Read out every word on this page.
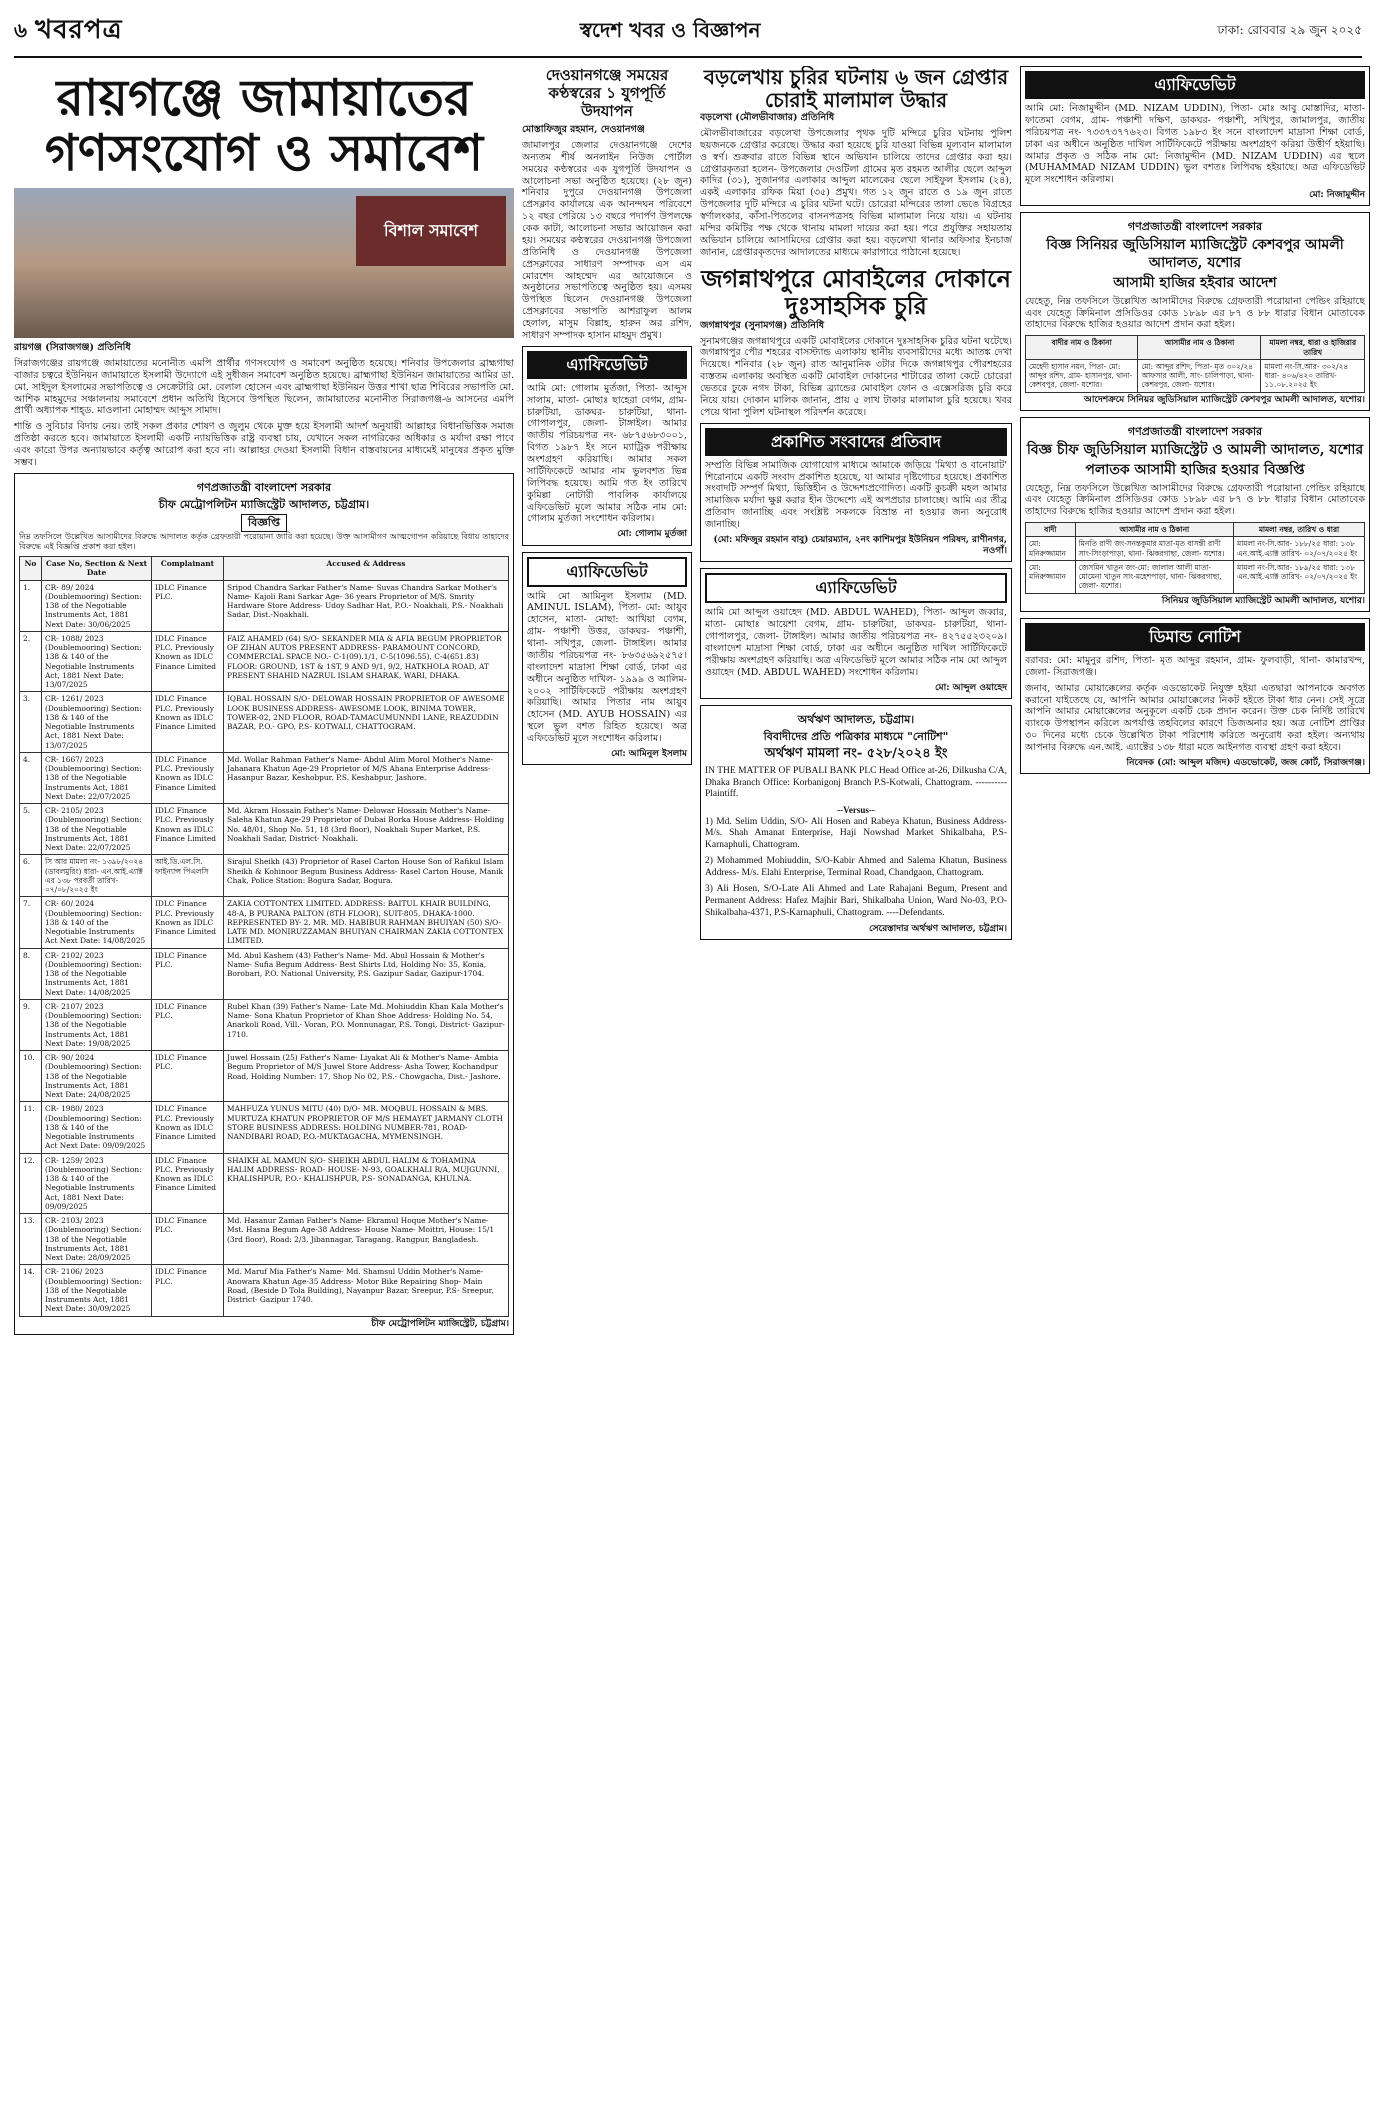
৬ খবরপত্র	স্বদেশ খবর ও বিজ্ঞাপন	ঢাকা: রোববার ২৯ জুন ২০২৫
রায়গঞ্জে জামায়াতের গণসংযোগ ও সমাবেশ
বিশাল সমাবেশ

রায়গঞ্জ (সিরাজগঞ্জ) প্রতিনিধি

সিরাজগঞ্জের রায়গঞ্জে জামায়াতের মনোনীত এমপি প্রার্থীর গণসংযোগ ও সমাবেশ অনুষ্ঠিত হয়েছে। শনিবার উপজেলার ব্রাহ্মগাছা বাজার চত্বরে ইউনিয়ন জামায়াতে ইসলামী উদ্যোগে এই সুধীজন সমাবেশ অনুষ্ঠিত হয়েছে। ব্রাহ্মগাছা ইউনিয়ন জামায়াতের আমির ডা. মো. সাইদুল ইসলামের সভাপতিত্বে ও সেক্রেটারি মো. বেলাল হোসেন এবং ব্রাহ্মগাছা ইউনিয়ন উত্তর শাখা ছাত্র শিবিরের সভাপতি মো. আশিক মাহমুদের সঞ্চালনায় সমাবেশে প্রধান অতিথি হিসেবে উপস্থিত ছিলেন, জামায়াতের মনোনীত সিরাজগঞ্জ-৬ আসনের এমপি প্রার্থী অধ্যাপক শাহ্‌ড. মাওলানা মোহাম্মদ আব্দুস সামাদ।

শান্তি ও সুবিচার বিদায় নেয়। তাই সকল প্রকার শোষণ ও জুলুম থেকে মুক্ত হয়ে ইসলামী আদর্শ অনুযায়ী আল্লাহর বিধানভিত্তিক সমাজ প্রতিষ্ঠা করতে হবে। জামায়াতে ইসলামী একটি ন্যায়ভিত্তিক রাষ্ট্র ব্যবস্থা চায়, যেখানে সকল নাগরিকের অধিকার ও মর্যাদা রক্ষা পাবে এবং কারো উপর অন্যায়ভাবে কর্তৃত্ব আরোপ করা হবে না। আল্লাহর দেওয়া ইসলামী বিধান বাস্তবায়নের মাধ্যমেই মানুষের প্রকৃত মুক্তি সম্ভব।

গণপ্রজাতন্ত্রী বাংলাদেশ সরকার
চীফ মেট্রোপলিটন ম্যাজিস্ট্রেট আদালত, চট্টগ্রাম।
বিজ্ঞপ্তি

নিম্ন তফসিলে উল্লেখিত আসামীদের বিরুদ্ধে আদালত কর্তৃক গ্রেফতারী পরোয়ানা জারি করা হয়েছে। উক্ত আসামীগণ আত্মগোপন করিয়াছে বিধায় তাহাদের বিরুদ্ধে এই বিজ্ঞপ্তি প্রকাশ করা হইল।

No	Case No, Section & Next Date	Complainant	Accused & Address
1.	CR- 89/ 2024 (Doublemooring) Section: 138 of the Negotiable Instruments Act, 1881 Next Date: 30/06/2025	IDLC Finance PLC.	Sripod Chandra Sarkar Father's Name- Suvas Chandra Sarkar Mother's Name- Kajoli Rani Sarkar Age- 36 years Proprietor of M/S. Smrity Hardware Store Address- Udoy Sadhar Hat, P.O.- Noakhali, P.S.- Noakhali Sadar, Dist.-Noakhali.
2.	CR- 1088/ 2023 (Doublemooring) Section: 138 & 140 of the Negotiable Instruments Act, 1881 Next Date: 13/07/2025	IDLC Finance PLC. Previously Known as IDLC Finance Limited	FAIZ AHAMED (64) S/O- SEKANDER MIA & AFIA BEGUM PROPRIETOR OF ZIHAN AUTOS PRESENT ADDRESS- PARAMOUNT CONCORD, COMMERCIAL SPACE NO.- C-1(09).1/1, C-5(1096.55), C-4(651.83) FLOOR: GROUND, 1ST & 1ST, 9 AND 9/1, 9/2, HATKHOLA ROAD, AT PRESENT SHAHID NAZRUL ISLAM SHARAK, WARI, DHAKA.
3.	CR- 1261/ 2023 (Doublemooring) Section: 138 & 140 of the Negotiable Instruments Act, 1881 Next Date: 13/07/2025	IDLC Finance PLC. Previously Known as IDLC Finance Limited	IQBAL HOSSAIN S/O- DELOWAR HOSSAIN PROPRIETOR OF AWESOME LOOK BUSINESS ADDRESS- AWESOME LOOK, BINIMA TOWER, TOWER-02, 2ND FLOOR, ROAD-TAMACUMUNNDI LANE, REAZUDDIN BAZAR, P.O.- GPO, P.S- KOTWALI, CHATTOGRAM.
4.	CR- 1667/ 2023 (Doublemooring) Section: 138 of the Negotiable Instruments Act, 1881 Next Date: 22/07/2025	IDLC Finance PLC. Previously Known as IDLC Finance Limited	Md. Wollar Rahman Father's Name- Abdul Alim Morol Mother's Name- Jahanara Khatun Age-29 Proprietor of M/S Ahana Enterprise Address- Hasanpur Bazar, Keshobpur, P.S. Keshabpur, Jashore.
5.	CR- 2105/ 2023 (Doublemooring) Section: 138 of the Negotiable Instruments Act, 1881 Next Date: 22/07/2025	IDLC Finance PLC. Previously Known as IDLC Finance Limited	Md. Akram Hossain Father's Name- Delowar Hossain Mother's Name- Saleha Khatun Age-29 Proprietor of Dubai Borka House Address- Holding No. 48/01, Shop No. 51, 18 (3rd floor), Noakhali Super Market, P.S. Noakhali Sadar, District- Noakhali.
6.	সি আর মামলা নং- ১৩৯৮/২০২৪ (ডাবলমুরিং) ধারা- এন.আই.এ্যাক্ট এর ১৩৮ পরবর্তী তারিখ- ০৭/০৮/২০২৫ ইং	আই.ডি.এল.সি. ফাইন্যান্স পিএলসি	Sirajul Sheikh (43) Proprietor of Rasel Carton House Son of Rafikul Islam Sheikh & Kohinoor Begum Business Address- Rasel Carton House, Manik Chak, Police Station: Bogura Sadar, Bogura.
7.	CR- 60/ 2024 (Doublemooring) Section: 138 & 140 of the Negotiable Instruments Act Next Date: 14/08/2025	IDLC Finance PLC. Previously Known as IDLC Finance Limited	ZAKIA COTTONTEX LIMITED. ADDRESS: BAITUL KHAIR BUILDING, 48-A, B PURANA PALTON (8TH FLOOR), SUIT-805, DHAKA-1000. REPRESENTED BY- 2. MR. MD. HABIBUR RAHMAN BHUIYAN (50) S/O-LATE MD. MONIRUZZAMAN BHUIYAN CHAIRMAN ZAKIA COTTONTEX LIMITED.
8.	CR- 2102/ 2023 (Doublemooring) Section: 138 of the Negotiable Instruments Act, 1881 Next Date: 14/08/2025	IDLC Finance PLC.	Md. Abul Kashem (43) Father's Name- Md. Abul Hossain & Mother's Name- Sufia Begum Address- Best Shirts Ltd, Holding No: 35, Konia, Borobari, P.O. National University, P.S. Gazipur Sadar, Gazipur-1704.
9.	CR- 2107/ 2023 (Doublemooring) Section: 138 of the Negotiable Instruments Act, 1881 Next Date: 19/08/2025	IDLC Finance PLC.	Rubel Khan (39) Father's Name- Late Md. Mohiuddin Khan Kala Mother's Name- Sona Khatun Proprietor of Khan Shoe Address- Holding No. 54, Anarkoli Road, Vill.- Voran, P.O. Monnunagar, P.S. Tongi, District- Gazipur-1710.
10.	CR- 90/ 2024 (Doublemooring) Section: 138 of the Negotiable Instruments Act, 1881 Next Date: 24/08/2025	IDLC Finance PLC.	Juwel Hossain (25) Father's Name- Liyakat Ali & Mother's Name- Ambia Begum Proprietor of M/S Juwel Store Address- Asha Tower, Kochandpur Road, Holding Number: 17, Shop No 02, P.S.- Chowgacha, Dist.- Jashore.
11.	CR- 1980/ 2023 (Doublemooring) Section: 138 & 140 of the Negotiable Instruments Act Next Date: 09/09/2025	IDLC Finance PLC. Previously Known as IDLC Finance Limited	MAHFUZA YUNUS MITU (40) D/O- MR. MOQBUL HOSSAIN & MRS. MURTUZA KHATUN PROPRIETOR OF M/S HEMAYET JARMANY CLOTH STORE BUSINESS ADDRESS: HOLDING NUMBER-781, ROAD-NANDIBARI ROAD, P.O.-MUKTAGACHA, MYMENSINGH.
12.	CR- 1259/ 2023 (Doublemooring) Section: 138 & 140 of the Negotiable Instruments Act, 1881 Next Date: 09/09/2025	IDLC Finance PLC. Previously Known as IDLC Finance Limited	SHAIKH AL MAMUN S/O- SHEIKH ABDUL HALIM & TOHAMINA HALIM ADDRESS- ROAD- HOUSE- N-93, GOALKHALI R/A, MUJGUNNI, KHALISHPUR, P.O.- KHALISHPUR, P.S- SONADANGA, KHULNA.
13.	CR- 2103/ 2023 (Doublemooring) Section: 138 of the Negotiable Instruments Act, 1881 Next Date: 28/09/2025	IDLC Finance PLC.	Md. Hasanur Zaman Father's Name- Ekramul Hoque Mother's Name- Mst. Hasna Begum Age-38 Address- House Name- Moittri, House: 15/1 (3rd floor), Road: 2/3, Jibannagar, Taragang, Rangpur, Bangladesh.
14.	CR- 2106/ 2023 (Doublemooring) Section: 138 of the Negotiable Instruments Act, 1881 Next Date: 30/09/2025	IDLC Finance PLC.	Md. Maruf Mia Father's Name- Md. Shamsul Uddin Mother's Name- Anowara Khatun Age-35 Address- Motor Bike Repairing Shop- Main Road, (Beside D Tola Building), Nayanpur Bazar, Sreepur, P.S- Sreepur, District- Gazipur 1740.
চীফ মেট্রোপলিটন ম্যাজিস্ট্রেট, চট্টগ্রাম।
দেওয়ানগঞ্জে সময়ের কণ্ঠস্বরের ১ যুগপূর্তি উদযাপন

মোস্তাফিজুর রহমান, দেওয়ানগঞ্জ

জামালপুর জেলার দেওয়ানগঞ্জে দেশের অন্যতম শীর্ষ অনলাইন নিউজ পোর্টাল সময়ের কণ্ঠস্বরের এক যুগপূর্তি উদযাপন ও আলোচনা সভা অনুষ্ঠিত হয়েছে। (২৮ জুন) শনিবার দুপুরে দেওয়ানগঞ্জ উপজেলা প্রেসক্লাব কার্যালয়ে এক আনন্দঘন পরিবেশে ১২ বছর পেরিয়ে ১৩ বছরে পদার্পণ উপলক্ষে কেক কাটা, আলোচনা সভার আয়োজন করা হয়। সময়ের কণ্ঠস্বরের দেওয়ানগঞ্জ উপজেলা প্রতিনিধি ও দেওয়ানগঞ্জ উপজেলা প্রেসক্লাবের সাধারণ সম্পাদক এস এম মোরশেদ আহম্মেদ এর আয়োজনে ও অনুষ্ঠানের সভাপতিত্বে অনুষ্ঠিত হয়। এসময় উপস্থিত ছিলেন দেওয়ানগঞ্জ উপজেলা প্রেসক্লাবের সভাপতি আশরাফুল আলম হেলাল, মাসুম বিল্লাহ, হারুন অর রশিদ, সাধারণ সম্পাদক হাসান মাহমুদ প্রমুখ।

এ্যাফিডেভিট

আমি মো: গোলাম মুর্তজা, পিতা- আব্দুস সালাম, মাতা- মোছাঃ ছাহেরা বেগম, গ্রাম- চারুটিয়া, ডাকঘর- চারুটিয়া, থানা- গোপালপুর, জেলা- টাঙ্গাইল। আমার জাতীয় পরিচয়পত্র নং- ৬৮৭৫৬৮৩০০১, বিগত ১৯৮৭ ইং সনে ম্যাট্রিক পরীক্ষায় অংশগ্রহণ করিয়াছি। আমার সকল সার্টিফিকেটে আমার নাম ভুলবশত ভিন্ন লিপিবদ্ধ হয়েছে। আমি গত ইং তারিখে কুমিল্লা নোটারী পাবলিক কার্যালয়ে এফিডেভিট মূলে আমার সঠিক নাম মো: গোলাম মুর্তজা সংশোধন করিলাম।

মো: গোলাম মুর্তজা
এ্যাফিডেভিট

আমি মো আমিনুল ইসলাম (MD. AMINUL ISLAM), পিতা- মো: আয়ুব হোসেন, মাতা- মোছা: আখিয়া বেগম, গ্রাম- পঞ্চাশী উত্তর, ডাকঘর- পঞ্চাশী, থানা- সখিপুর, জেলা- টাঙ্গাইল। আমার জাতীয় পরিচয়পত্র নং- ৮৬৩৫৬৯২৫৭৫। বাংলাদেশ মাদ্রাসা শিক্ষা বোর্ড, ঢাকা এর অধীনে অনুষ্ঠিত দাখিল- ১৯৯৯ ও আলিম- ২০০২ সার্টিফিকেটে পরীক্ষায় অংশগ্রহণ করিয়াছি। আমার পিতার নাম আয়ুব হোসেন (MD. AYUB HOSSAIN) এর স্থলে ভুল বশত রিহিত হয়েছে। অত্র এফিডেভিট মূলে সংশোধন করিলাম।

মো: আমিনুল ইসলাম
বড়লেখায় চুরির ঘটনায় ৬ জন গ্রেপ্তার চোরাই মালামাল উদ্ধার

বড়লেখা (মৌলভীবাজার) প্রতিনিধি

মৌলভীবাজারের বড়লেখা উপজেলার পৃথক দুটি মন্দিরে চুরির ঘটনায় পুলিশ ছয়জনকে গ্রেপ্তার করেছে। উদ্ধার করা হয়েছে চুরি যাওয়া বিভিন্ন মূল্যবান মালামাল ও স্বর্ণ। শুক্রবার রাতে বিভিন্ন স্থানে অভিযান চালিয়ে তাদের গ্রেপ্তার করা হয়। গ্রেপ্তারকৃতরা হলেন- উপজেলার দেওটিলা গ্রামের মৃত রহমত আলীর ছেলে আব্দুল কাদির (৩১), সুজানগর এলাকার আব্দুল মালেকের ছেলে সাইফুল ইসলাম (২৪), একই এলাকার রফিক মিয়া (৩৫) প্রমুখ। গত ১২ জুন রাতে ও ১৯ জুন রাতে উপজেলার দুটি মন্দিরে এ চুরির ঘটনা ঘটে। চোরেরা মন্দিরের তালা ভেঙে বিগ্রহের স্বর্ণালংকার, কাঁসা-পিতলের বাসনপত্রসহ বিভিন্ন মালামাল নিয়ে যায়। এ ঘটনায় মন্দির কমিটির পক্ষ থেকে থানায় মামলা দায়ের করা হয়। পরে প্রযুক্তির সহায়তায় অভিযান চালিয়ে আসামিদের গ্রেপ্তার করা হয়। বড়লেখা থানার অফিসার ইনচার্জ জানান, গ্রেপ্তারকৃতদের আদালতের মাধ্যমে কারাগারে পাঠানো হয়েছে।

জগন্নাথপুরে মোবাইলের দোকানে দুঃসাহসিক চুরি

জগন্নাথপুর (সুনামগঞ্জ) প্রতিনিধি

সুনামগঞ্জের জগন্নাথপুরে একটি মোবাইলের দোকানে দুঃসাহসিক চুরির ঘটনা ঘটেছে। জগন্নাথপুর পৌর শহরের বাসস্ট্যান্ড এলাকায় স্থানীয় ব্যবসায়ীদের মধ্যে আতঙ্ক দেখা দিয়েছে। শনিবার (২৮ জুন) রাত আনুমানিক ৩টার দিকে জগন্নাথপুর পৌরশহরের ব্যস্ততম এলাকায় অবস্থিত একটি মোবাইল দোকানের শাটারের তালা কেটে চোরেরা ভেতরে ঢুকে নগদ টাকা, বিভিন্ন ব্র্যান্ডের মোবাইল ফোন ও এক্সেসরিজ চুরি করে নিয়ে যায়। দোকান মালিক জানান, প্রায় ৫ লাখ টাকার মালামাল চুরি হয়েছে। খবর পেয়ে থানা পুলিশ ঘটনাস্থল পরিদর্শন করেছে।

প্রকাশিত সংবাদের প্রতিবাদ

সম্প্রতি বিভিন্ন সামাজিক যোগাযোগ মাধ্যমে আমাকে জড়িয়ে 'মিথ্যা ও বানোয়াট' শিরোনামে একটি সংবাদ প্রকাশিত হয়েছে, যা আমার দৃষ্টিগোচর হয়েছে। প্রকাশিত সংবাদটি সম্পূর্ণ মিথ্যা, ভিত্তিহীন ও উদ্দেশ্যপ্রণোদিত। একটি কুচক্রী মহল আমার সামাজিক মর্যাদা ক্ষুণ্ণ করার হীন উদ্দেশ্যে এই অপপ্রচার চালাচ্ছে। আমি এর তীব্র প্রতিবাদ জানাচ্ছি এবং সংশ্লিষ্ট সকলকে বিভ্রান্ত না হওয়ার জন্য অনুরোধ জানাচ্ছি।

(মো: মফিজুর রহমান বাবু) চেয়ারম্যান, ২নং কাশিমপুর ইউনিয়ন পরিষদ, রাণীনগর, নওগাঁ।
এ্যাফিডেভিট

আমি মো আব্দুল ওয়াহেদ (MD. ABDUL WAHED), পিতা- আব্দুল জব্বার, মাতা- মোছাঃ আয়েশা বেগম, গ্রাম- চারুটিয়া, ডাকঘর- চারুটিয়া, থানা- গোপালপুর, জেলা- টাঙ্গাইল। আমার জাতীয় পরিচয়পত্র নং- ৪২৭৫৫২৩২০৯। বাংলাদেশ মাদ্রাসা শিক্ষা বোর্ড, ঢাকা এর অধীনে অনুষ্ঠিত দাখিল সার্টিফিকেটে পরীক্ষায় অংশগ্রহণ করিয়াছি। অত্র এফিডেভিট মূলে আমার সঠিক নাম মো আব্দুল ওয়াহেদ (MD. ABDUL WAHED) সংশোধন করিলাম।

মো: আব্দুল ওয়াহেদ
অর্থঋণ আদালত, চট্টগ্রাম।
বিবাদীদের প্রতি পত্রিকার মাধ্যমে "নোটিশ"
অর্থঋণ মামলা নং- ৫২৮/২০২৪ ইং

IN THE MATTER OF PUBALI BANK PLC Head Office at-26, Dilkusha C/A, Dhaka Branch Office: Korbanigonj Branch P.S-Kotwali, Chattogram. ----------Plaintiff.

--Versus--

1) Md. Selim Uddin, S/O- Ali Hosen and Rabeya Khatun, Business Address- M/s. Shah Amanat Enterprise, Haji Nowshad Market Shikalbaha, P.S-Karnaphuli, Chattogram.

2) Mohammed Mohiuddin, S/O-Kabir Ahmed and Salema Khatun, Business Address- M/s. Elahi Enterprise, Terminal Road, Chandgaon, Chattogram.

3) Ali Hosen, S/O-Late Ali Ahmed and Late Rahajani Begum, Present and Permanent Address: Hafez Majhir Bari, Shikalbaha Union, Ward No-03, P.O- Shikalbaha-4371, P.S-Karnaphuli, Chattogram. ----Defendants.

সেরেস্তাদার অর্থঋণ আদালত, চট্টগ্রাম।
এ্যাফিডেভিট

আমি মো: নিজামুদ্দীন (MD. NIZAM UDDIN), পিতা- মোঃ আবু মোস্তাদির, মাতা- ফাতেমা বেগম, গ্রাম- পঞ্চাশী দক্ষিণ, ডাকঘর- পঞ্চাশী, সখিপুর, জামালপুর, জাতীয় পরিচয়পত্র নং- ৭৩৩৭৩৭৭৬২৩। বিগত ১৯৮৩ ইং সনে বাংলাদেশ মাদ্রাসা শিক্ষা বোর্ড, ঢাকা এর অধীনে অনুষ্ঠিত দাখিল সার্টিফিকেটে পরীক্ষায় অংশগ্রহণ করিয়া উত্তীর্ণ হইয়াছি। আমার প্রকৃত ও সঠিক নাম মো: নিজামুদ্দীন (MD. NIZAM UDDIN) এর স্থলে (MUHAMMAD NIZAM UDDIN) ভুল বশতঃ লিপিবদ্ধ হইয়াছে। অত্র এফিডেভিট মূলে সংশোধন করিলাম।

মো: নিজামুদ্দীন
গণপ্রজাতন্ত্রী বাংলাদেশ সরকার
বিজ্ঞ সিনিয়র জুডিসিয়াল ম্যাজিস্ট্রেট কেশবপুর আমলী আদালত, যশোর
আসামী হাজির হইবার আদেশ

যেহেতু, নিম্ন তফসিলে উল্লেখিত আসামীদের বিরুদ্ধে গ্রেফতারী পরোয়ানা পেন্ডিং রহিয়াছে এবং যেহেতু ক্রিমিনাল প্রসিডিওর কোড ১৮৯৮ এর ৮৭ ও ৮৮ ধারার বিধান মোতাবেক তাহাদের বিরুদ্ধে হাজির হওয়ার আদেশ প্রদান করা হইল।

বাদীর নাম ও ঠিকানা	আসামীর নাম ও ঠিকানা	মামলা নম্বর, ধারা ও হাজিরার তারিখ
মেহেদী হাসান নয়ন, পিতা- মো: আব্দুর রশিদ, গ্রাম- হাসানপুর, থানা- কেশবপুর, জেলা- যশোর।	মো: আব্দুর রশিদ, পিতা- মৃত ৩০২/২৪ আফসার আলী, সাং- চালিপাড়া, থানা- কেশবপুর, জেলা- যশোর।	মামলা নং-সি.আর- ৩০২/২৪ ধারা- ৪০৬/৪২০ তারিখ- ১১.০৮.২০২৫ ইং
আদেশক্রমে সিনিয়র জুডিসিয়াল ম্যাজিস্ট্রেট কেশবপুর আমলী আদালত, যশোর।
গণপ্রজাতন্ত্রী বাংলাদেশ সরকার
বিজ্ঞ চীফ জুডিসিয়াল ম্যাজিস্ট্রেট ও আমলী আদালত, যশোর
পলাতক আসামী হাজির হওয়ার বিজ্ঞপ্তি

যেহেতু, নিম্ন তফসিলে উল্লেখিত আসামীদের বিরুদ্ধে গ্রেফতারী পরোয়ানা পেন্ডিং রহিয়াছে এবং যেহেতু ক্রিমিনাল প্রসিডিওর কোড ১৮৯৮ এর ৮৭ ও ৮৮ ধারার বিধান মোতাবেক তাহাদের বিরুদ্ধে হাজির হওয়ার আদেশ প্রদান করা হইল।

বাদী	আসামীর নাম ও ঠিকানা	মামলা নম্বর, তারিখ ও ধারা
মো: মনিরুজ্জামান	মিনতি রাণী জং-সনন্তকুমার মাতা-মৃত বাসন্তী রাণী সাং-সিংড়াপাড়া, থানা- ঝিকরগাছা, জেলা- যশোর।	মামলা নং-সি.আর- ১৮৮/২৫ ধারা: ১৩৮ এন.আই.এ্যাক্ট তারিখ- ০২/০৭/২০২৫ ইং
মো: মনিরুজ্জামান	জেসমিন খাতুন জং-মো: জালাল আলী মাতা-মোমেনা খাতুন সাং-মহেশপাড়া, থানা- ঝিকরগাছা, জেলা- যশোর।	মামলা নং-সি.আর- ১৮৯/২৫ ধারা: ১৩৮ এন.আই.এ্যাক্ট তারিখ- ০২/০৭/২০২৫ ইং
সিনিয়র জুডিসিয়াল ম্যাজিস্ট্রেট আমলী আদালত, যশোর।
ডিমান্ড নোটিশ

বরাবর: মো: মামুনুর রশিদ, পিতা- মৃত আব্দুর রহমান, গ্রাম- ফুলবাড়ী, থানা- কামারখন্দ, জেলা- সিরাজগঞ্জ।

জনাব, আমার মোয়াক্কেলের কর্তৃক এডভোকেট নিযুক্ত হইয়া এতদ্বারা আপনাকে অবগত করানো যাইতেছে যে, আপনি আমার মোয়াক্কেলের নিকট হইতে টাকা ধার নেন। সেই সূত্রে আপনি আমার মোয়াক্কেলের অনুকূলে একটি চেক প্রদান করেন। উক্ত চেক নির্দিষ্ট তারিখে ব্যাংকে উপস্থাপন করিলে অপর্যাপ্ত তহবিলের কারণে ডিজঅনার হয়। অত্র নোটিশ প্রাপ্তির ৩০ দিনের মধ্যে চেকে উল্লেখিত টাকা পরিশোধ করিতে অনুরোধ করা হইল। অন্যথায় আপনার বিরুদ্ধে এন.আই. এ্যাক্টের ১৩৮ ধারা মতে আইনগত ব্যবস্থা গ্রহণ করা হইবে।

নিবেদক (মো: আব্দুল মজিদ) এডভোকেট, জজ কোর্ট, সিরাজগঞ্জ।
